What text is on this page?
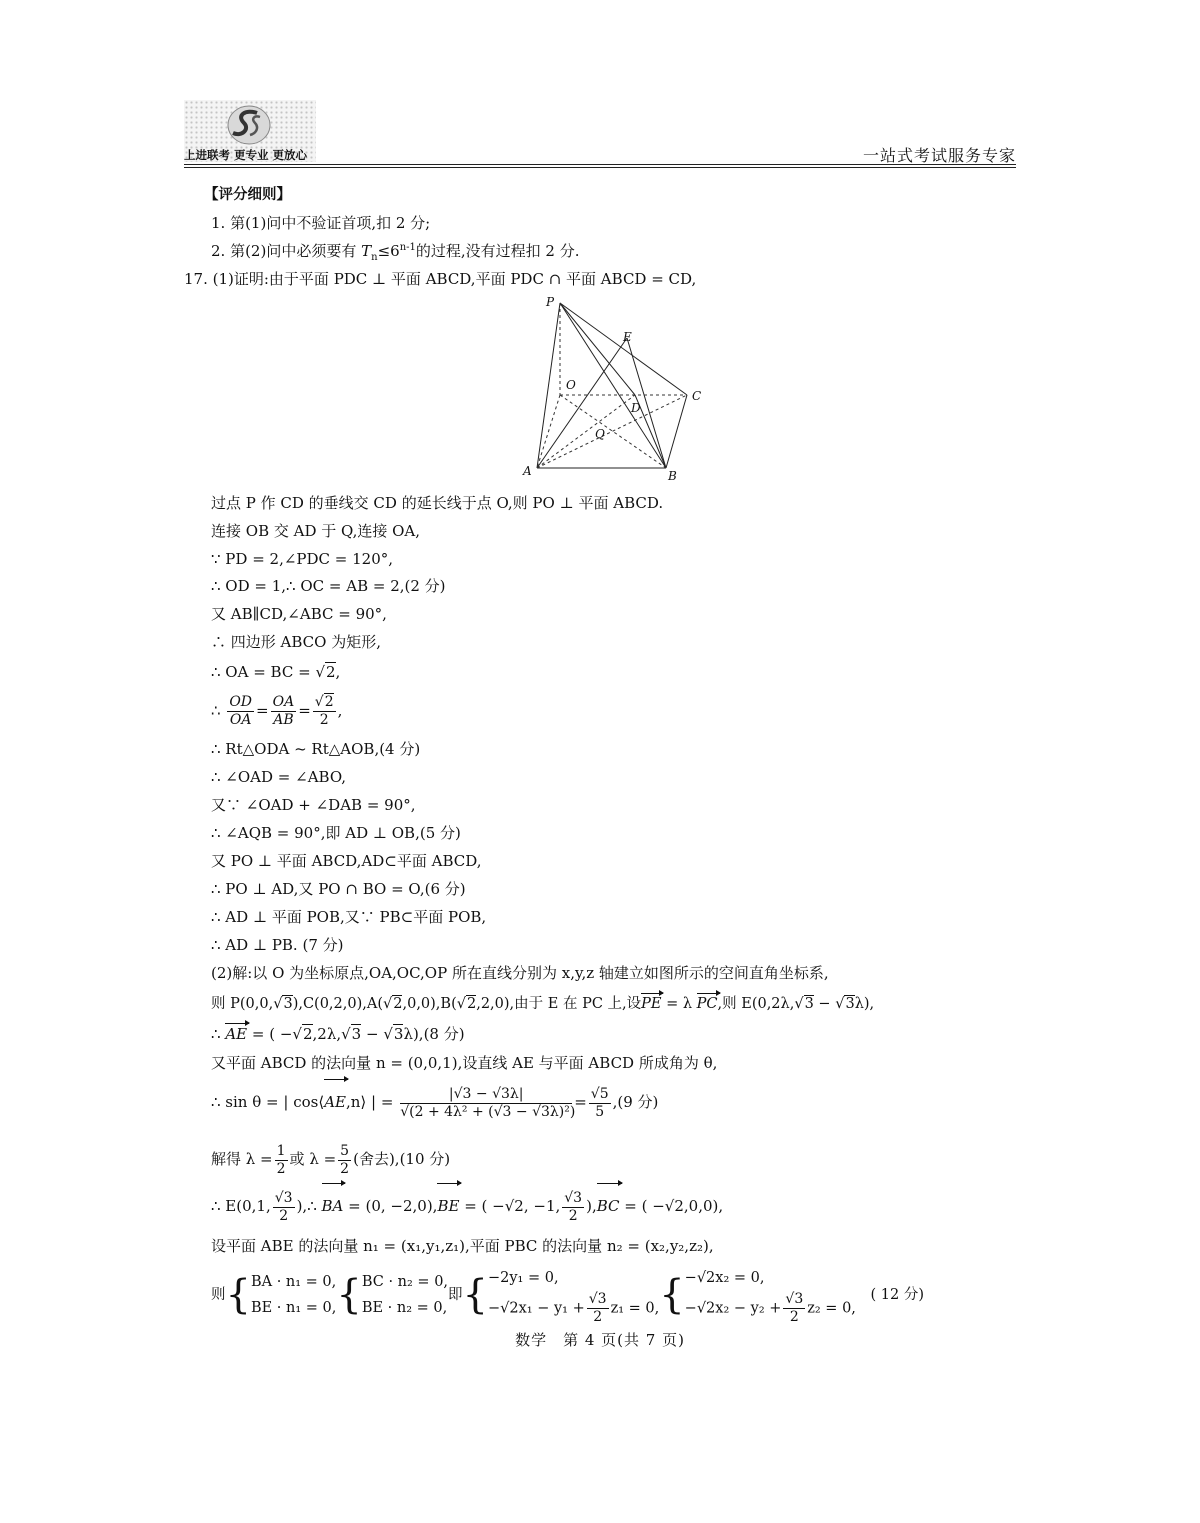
上进联考 更专业 更放心	一站式考试服务专家
【评分细则】
1. 第(1)问中不验证首项,扣 2 分;
2. 第(2)问中必须要有 $T_n\le 6^{n-1}$的过程,没有过程扣 2 分.
17. (1)证明:由于平面 PDC ⊥ 平面 ABCD,平面 PDC ∩ 平面 ABCD = CD,
P
E
O
C
D
Q
A	B
过点 P 作 CD 的垂线交 CD 的延长线于点 O,则 PO ⊥ 平面 ABCD.
连接 OB 交 AD 于 Q,连接 OA,
∵ PD = 2,∠PDC = 120°,
∴ OD = 1,∴ OC = AB = 2,(2 分)
又 AB∥CD,∠ABC = 90°,
∴ 四边形 ABCO 为矩形,
∴ OA = BC = √2,
∴ $\frac{OD}{OA} = \frac{OA}{AB} = \frac{√2}{2}$ ,
∴ Rt△ODA ~ Rt△AOB,(4 分)
∴ ∠OAD = ∠ABO,
又∵ ∠OAD + ∠DAB = 90°,
∴ ∠AQB = 90°,即 AD ⊥ OB,(5 分)
又 PO ⊥ 平面 ABCD,AD⊂平面 ABCD,
∴ PO ⊥ AD,又 PO ∩ BO = O,(6 分)
∴ AD ⊥ 平面 POB,又∵ PB⊂平面 POB,
∴ AD ⊥ PB. (7 分)
(2)解:以 O 为坐标原点,OA,OC,OP 所在直线分别为 x,y,z 轴建立如图所示的空间直角坐标系,
则 P(0,0,√3),C(0,2,0),A(√2,0,0),B(√2,2,0),由于 E 在 PC 上,设PE = λ PC,则 E(0,2λ,√3 − √3λ),
∴ AE = ( −√2,2λ,√3 − √3λ),(8 分)
又平面 ABCD 的法向量 n = (0,0,1),设直线 AE 与平面 ABCD 所成角为 θ,
∴ sin θ = | cos⟨AE,n⟩ | = $\frac{|√3 - √3\lambda|}{\text{√(2 + 4λ² + (√3 − √3λ)²)}} = \frac{√5}{5} ,(9$ 分)
解得 $\lambda = \frac{1}{2}$ 或 $\lambda = \frac{5}{2}$ (舍去),(10 分)
∴ E(0,1, $\frac{√3}{2}$ ),∴ BA = (0, −2,0),BE = ( −√2, −1, $\frac{√3}{2} ),BC$ = ( −√2,0,0),
设平面 ABE 的法向量 n₁ = (x₁,y₁,z₁),平面 PBC 的法向量 n₂ = (x₂,y₂,z₂),
则{ BA · n₁ = 0,
BE · n₁ = 0, { BC · n₂ = 0,
BE · n₂ = 0,
即{ −2y₁ = 0,
$-√2x_1 - y_1 + \frac{√3}{2} z_1 = 0$, { −√2x₂ = 0,
$-√2x_2 - y_2 + \frac{√3}{2} z_2 = 0$,
( 12 分)
数学　第 4 页(共 7 页)
